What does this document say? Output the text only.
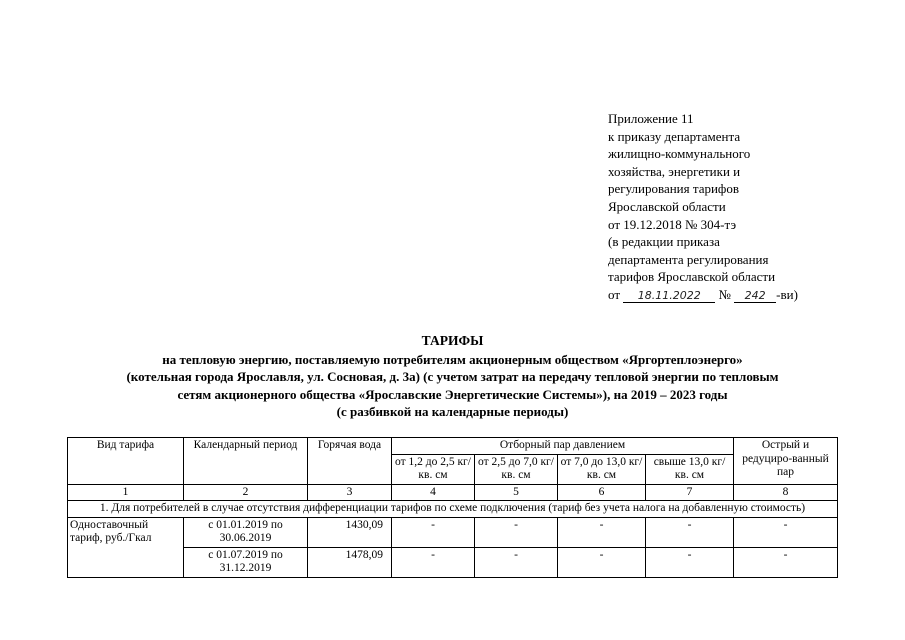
Приложение 11
к приказу департамента
жилищно-коммунального
хозяйства, энергетики и
регулирования тарифов
Ярославской области
от 19.12.2018 № 304-тэ
(в редакции приказа
департамента регулирования
тарифов Ярославской области
от 18.11.2022 № 242 -ви)
ТАРИФЫ
на тепловую энергию, поставляемую потребителям акционерным обществом «Яргортеплоэнерго»
(котельная города Ярославля, ул. Сосновая, д. 3а) (с учетом затрат на передачу тепловой энергии по тепловым
сетям акционерного общества «Ярославские Энергетические Системы»), на 2019 – 2023 годы
(с разбивкой на календарные периоды)
Вид тарифа	Календарный период	Горячая вода	Отборный пар давлением				Острый и редуциро-ванный пар
			от 1,2 до 2,5 кг/ кв. см	от 2,5 до 7,0 кг/ кв. см	от 7,0 до 13,0 кг/ кв. см	свыше 13,0 кг/ кв. см	
1	2	3	4	5	6	7	8
1. Для потребителей в случае отсутствия дифференциации тарифов по схеме подключения (тариф без учета налога на добавленную стоимость)							
Одноставочный тариф, руб./Гкал	с 01.01.2019 по 30.06.2019	1430,09	-	-	-	-	-
	с 01.07.2019 по 31.12.2019	1478,09	-	-	-	-	-
